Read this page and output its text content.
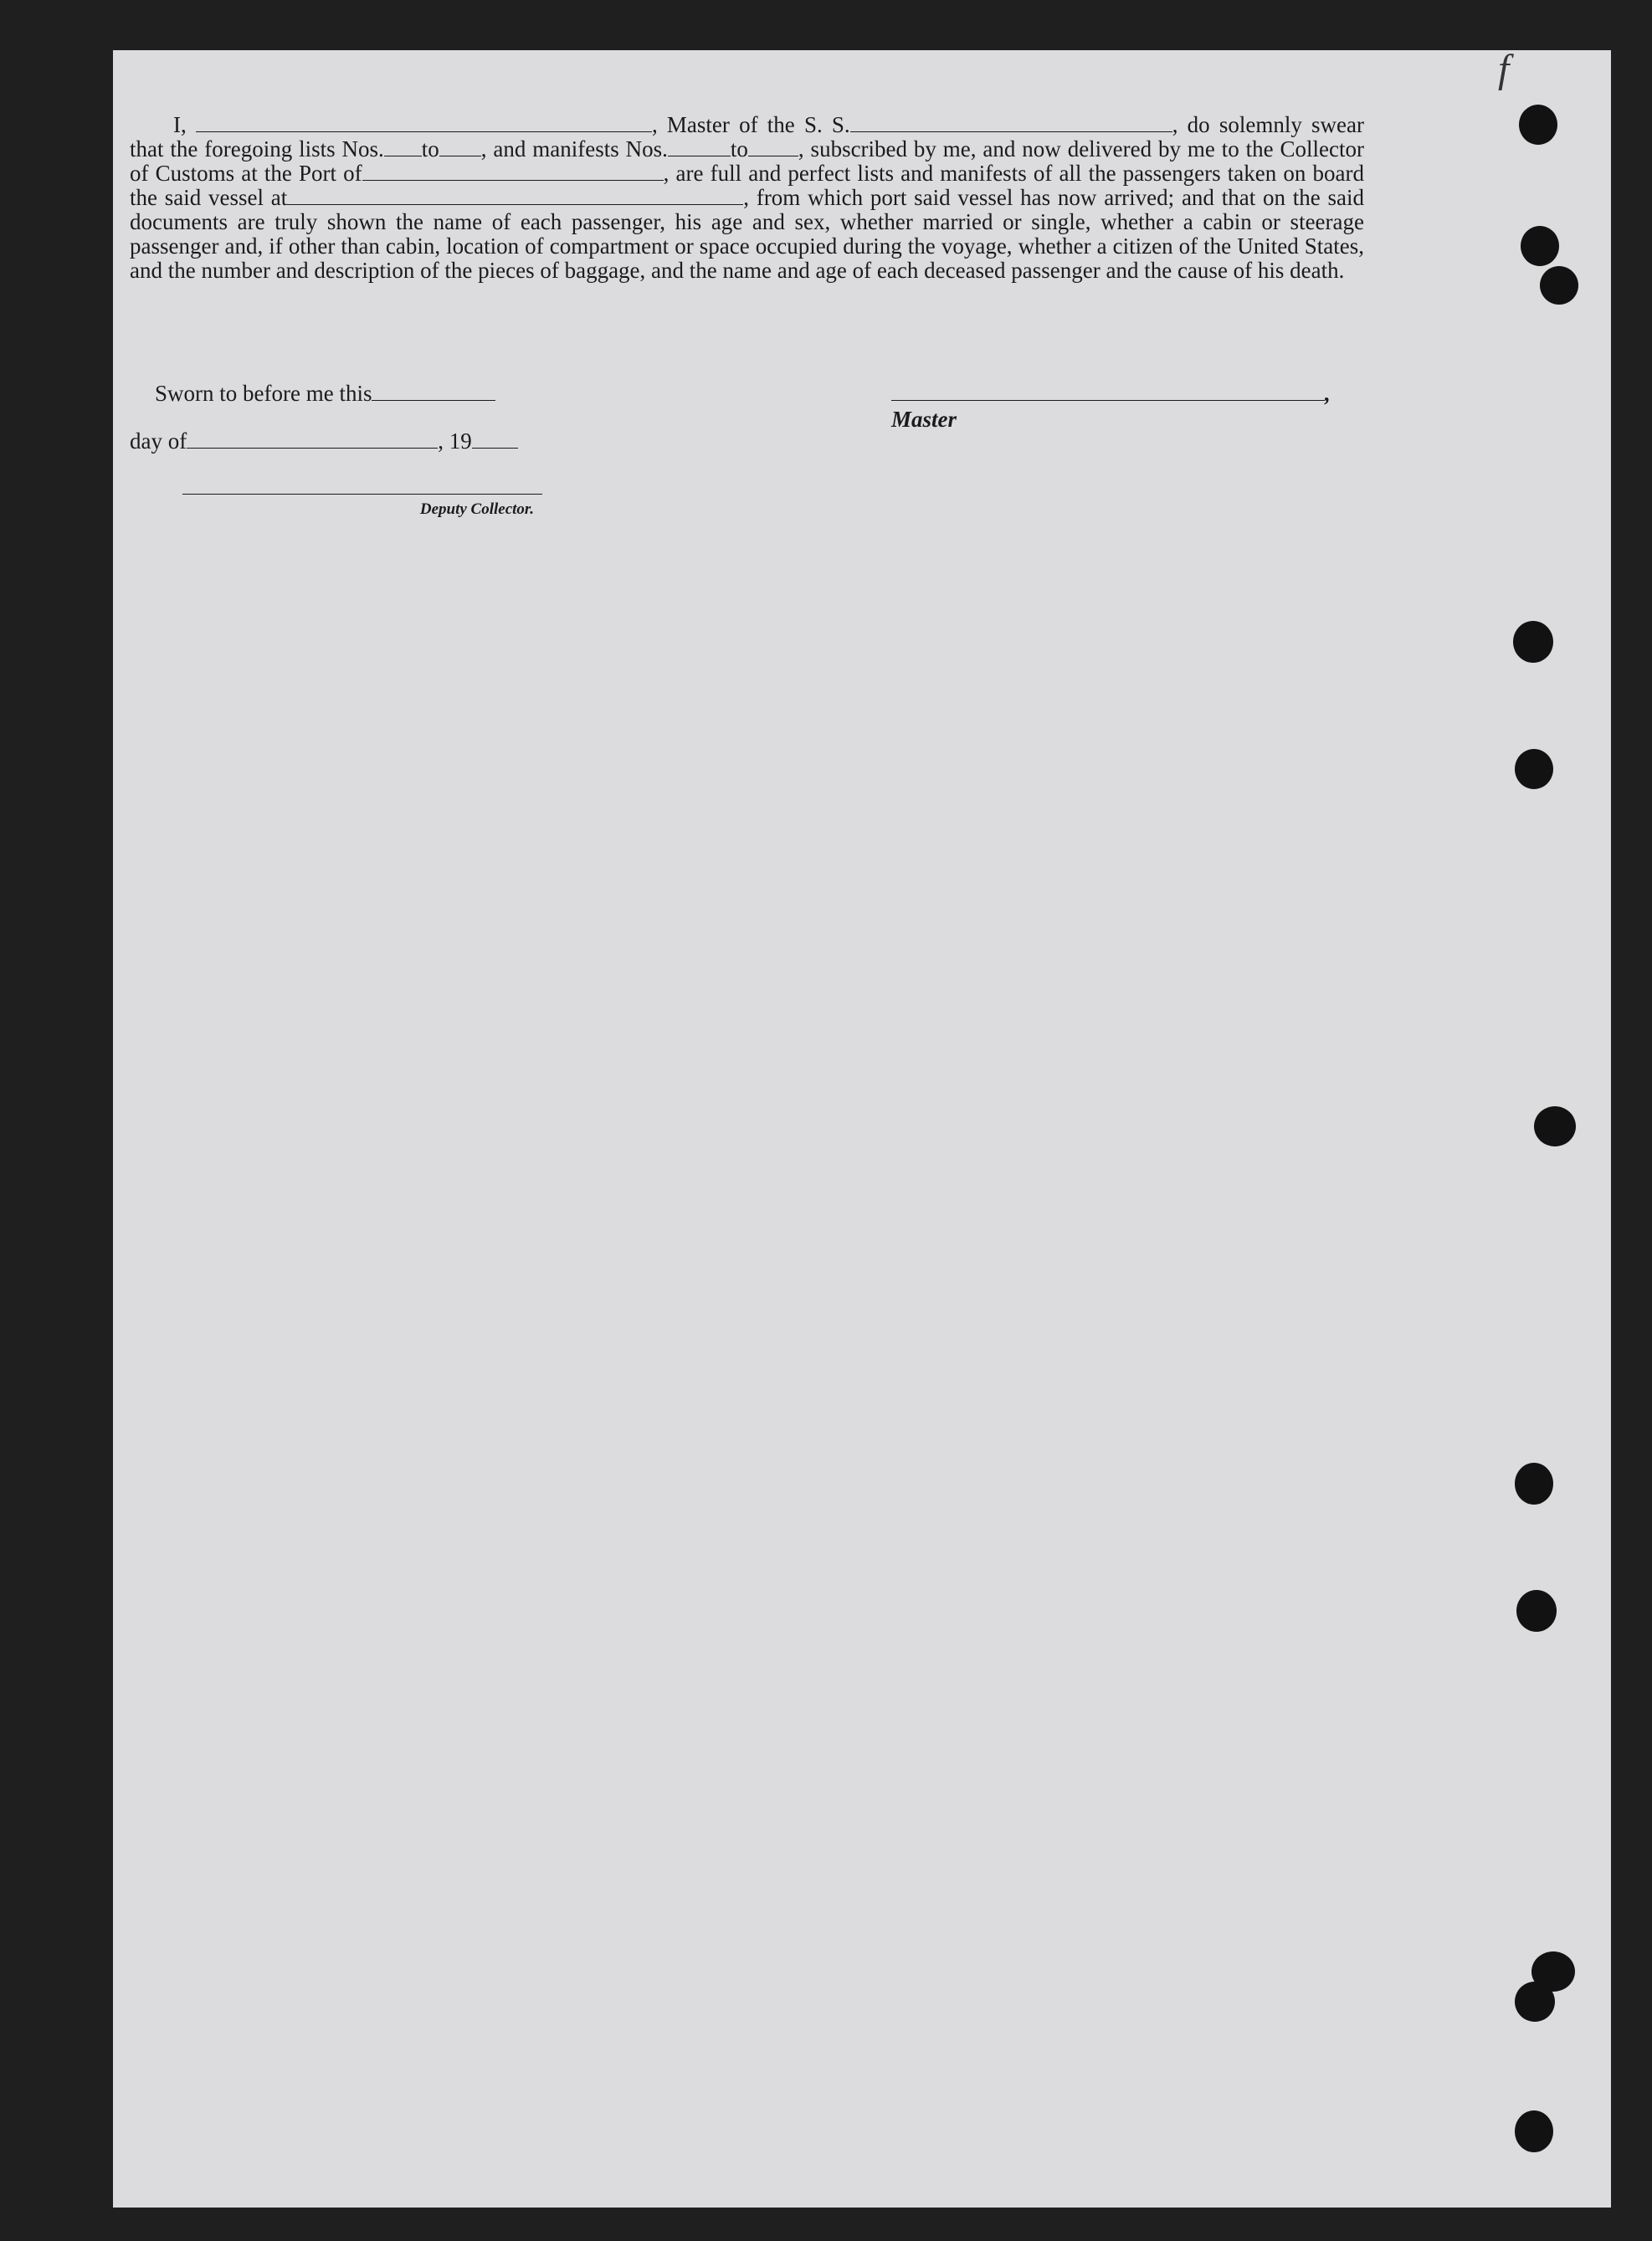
I,	, Master of the S. S.	, do solemnly swear that the foregoing lists Nos. to , and manifests Nos.	to , subscribed by me, and now delivered by me to the Collector of Customs at the Port of	, are full and perfect lists and manifests of all the passengers taken on board the said vessel at	, from which port said vessel has now arrived; and that on the said documents are truly shown the name of each passenger, his age and sex, whether married or single, whether a cabin or steerage passenger and, if other than cabin, location of compartment or space occupied during the voyage, whether a citizen of the United States, and the number and description of the pieces of baggage, and the name and age of each deceased passenger and the cause of his death.

Sworn to before me this	, Master
day of	, 19
Deputy Collector.
f
